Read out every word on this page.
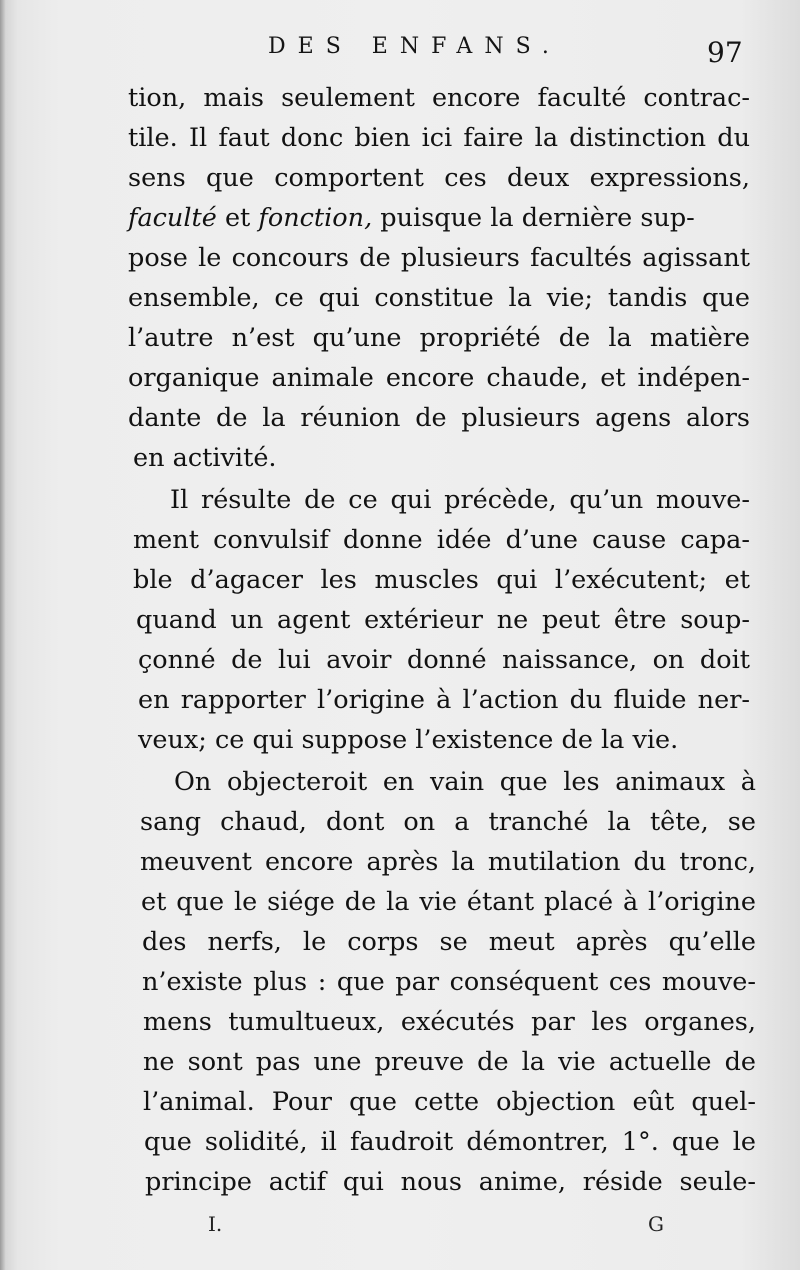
DES ENFANS.	97
tion, mais seulement encore faculté contrac-
tile. Il faut donc bien ici faire la distinction du
sens que comportent ces deux expressions,
faculté et fonction, puisque la dernière sup-
pose le concours de plusieurs facultés agissant
ensemble, ce qui constitue la vie; tandis que
l’autre n’est qu’une propriété de la matière
organique animale encore chaude, et indépen-
dante de la réunion de plusieurs agens alors
en activité.
Il résulte de ce qui précède, qu’un mouve-
ment convulsif donne idée d’une cause capa-
ble d’agacer les muscles qui l’exécutent; et
quand un agent extérieur ne peut être soup-
çonné de lui avoir donné naissance, on doit
en rapporter l’origine à l’action du fluide ner-
veux; ce qui suppose l’existence de la vie.
On objecteroit en vain que les animaux à
sang chaud, dont on a tranché la tête, se
meuvent encore après la mutilation du tronc,
et que le siége de la vie étant placé à l’origine
des nerfs, le corps se meut après qu’elle
n’existe plus : que par conséquent ces mouve-
mens tumultueux, exécutés par les organes,
ne sont pas une preuve de la vie actuelle de
l’animal. Pour que cette objection eût quel-
que solidité, il faudroit démontrer, 1°. que le
principe actif qui nous anime, réside seule-
I.	G
